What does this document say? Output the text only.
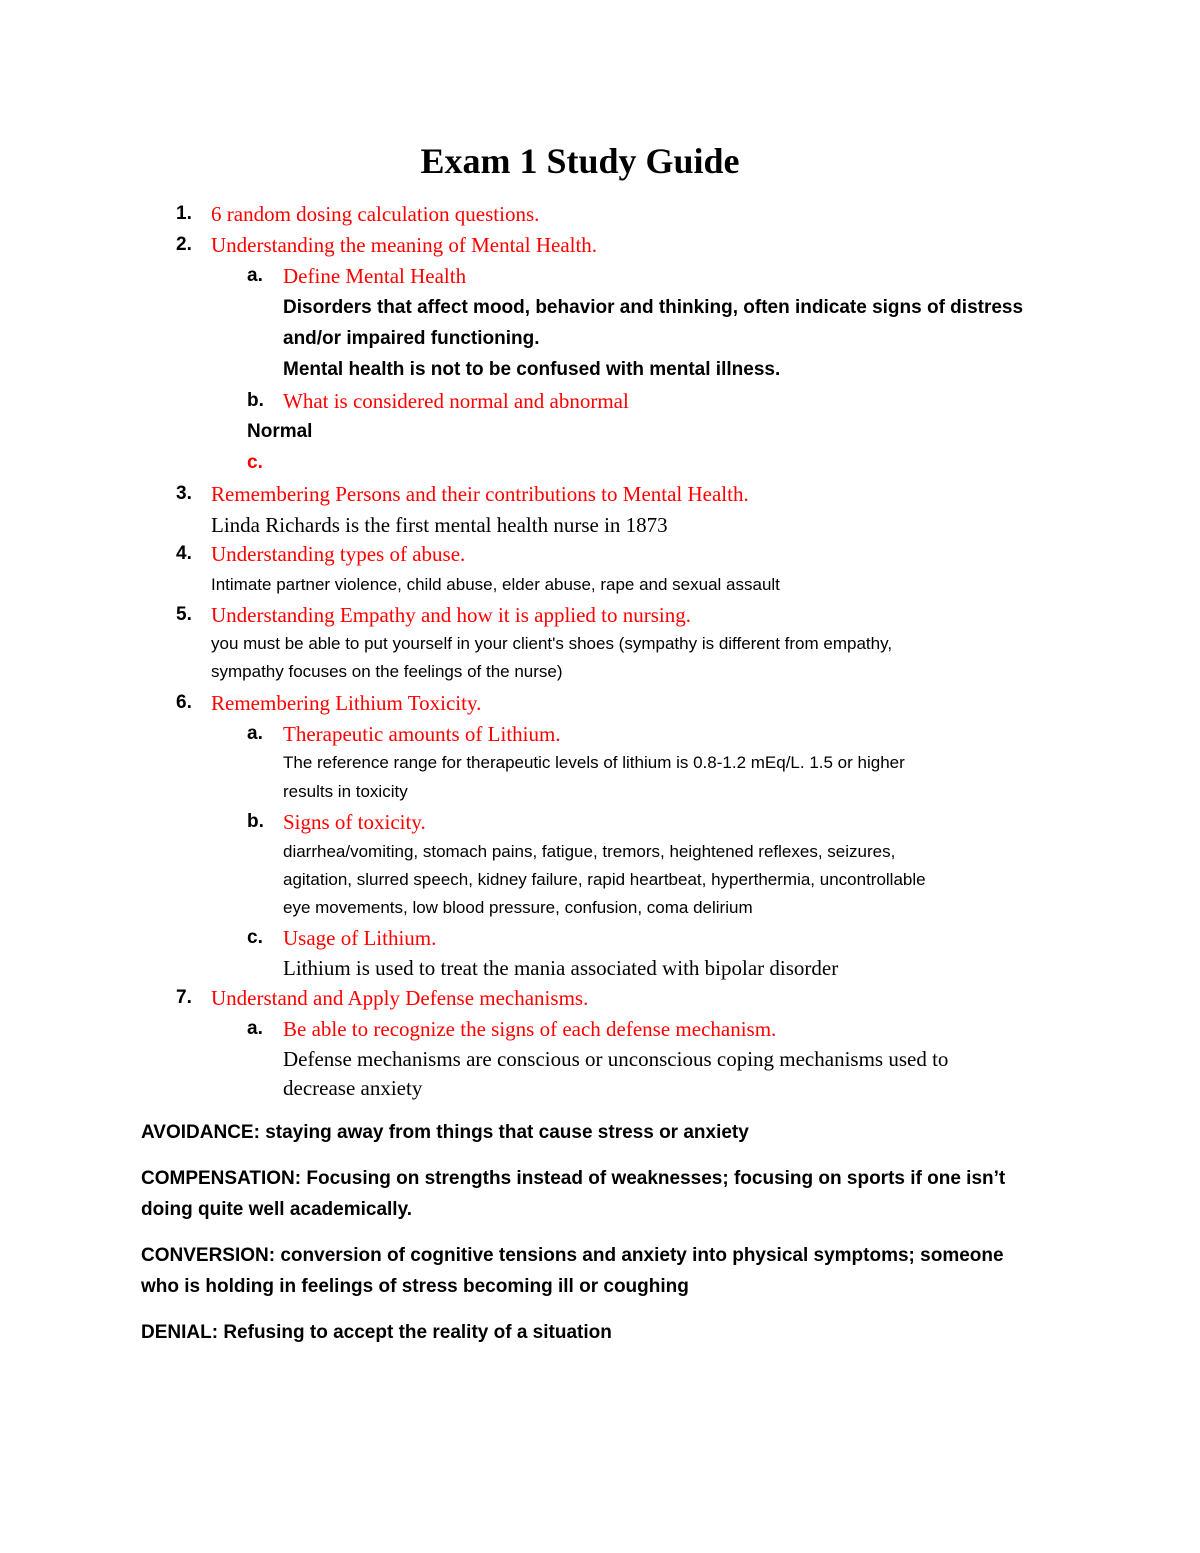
Exam 1 Study Guide
1. 6 random dosing calculation questions.
2. Understanding the meaning of Mental Health.
a. Define Mental Health
Disorders that affect mood, behavior and thinking, often indicate signs of distress
and/or impaired functioning.
Mental health is not to be confused with mental illness.
b. What is considered normal and abnormal
Normal
c.
3. Remembering Persons and their contributions to Mental Health.
Linda Richards is the first mental health nurse in 1873
4. Understanding types of abuse.
Intimate partner violence, child abuse, elder abuse, rape and sexual assault
5. Understanding Empathy and how it is applied to nursing.
you must be able to put yourself in your client's shoes (sympathy is different from empathy,
sympathy focuses on the feelings of the nurse)
6. Remembering Lithium Toxicity.
a. Therapeutic amounts of Lithium.
The reference range for therapeutic levels of lithium is 0.8-1.2 mEq/L. 1.5 or higher
results in toxicity
b. Signs of toxicity.
diarrhea/vomiting, stomach pains, fatigue, tremors, heightened reflexes, seizures,
agitation, slurred speech, kidney failure, rapid heartbeat, hyperthermia, uncontrollable
eye movements, low blood pressure, confusion, coma delirium
c. Usage of Lithium.
Lithium is used to treat the mania associated with bipolar disorder
7. Understand and Apply Defense mechanisms.
a. Be able to recognize the signs of each defense mechanism.
Defense mechanisms are conscious or unconscious coping mechanisms used to
decrease anxiety
AVOIDANCE: staying away from things that cause stress or anxiety
COMPENSATION: Focusing on strengths instead of weaknesses; focusing on sports if one isn’t
doing quite well academically.
CONVERSION: conversion of cognitive tensions and anxiety into physical symptoms; someone
who is holding in feelings of stress becoming ill or coughing
DENIAL: Refusing to accept the reality of a situation
